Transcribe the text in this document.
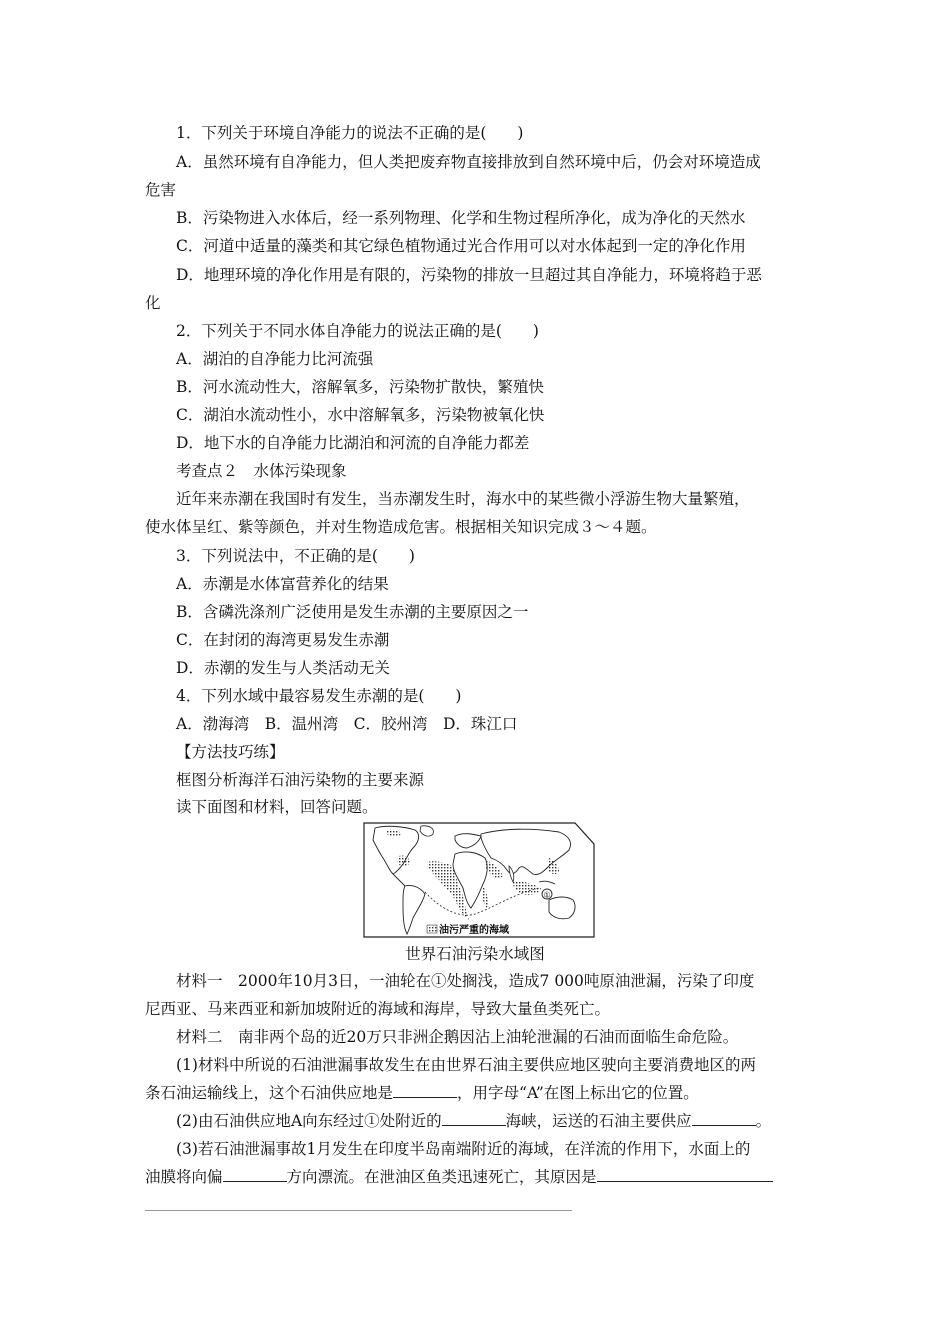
1．下列关于环境自净能力的说法不正确的是(　　)
A．虽然环境有自净能力，但人类把废弃物直接排放到自然环境中后，仍会对环境造成
危害
B．污染物进入水体后，经一系列物理、化学和生物过程所净化，成为净化的天然水
C．河道中适量的藻类和其它绿色植物通过光合作用可以对水体起到一定的净化作用
D．地理环境的净化作用是有限的，污染物的排放一旦超过其自净能力，环境将趋于恶
化
2．下列关于不同水体自净能力的说法正确的是(　　)
A．湖泊的自净能力比河流强
B．河水流动性大，溶解氧多，污染物扩散快，繁殖快
C．湖泊水流动性小，水中溶解氧多，污染物被氧化快
D．地下水的自净能力比湖泊和河流的自净能力都差
考查点２　水体污染现象
近年来赤潮在我国时有发生，当赤潮发生时，海水中的某些微小浮游生物大量繁殖，
使水体呈红、紫等颜色，并对生物造成危害。根据相关知识完成３～４题。
3．下列说法中，不正确的是(　　)
A．赤潮是水体富营养化的结果
B．含磷洗涤剂广泛使用是发生赤潮的主要原因之一
C．在封闭的海湾更易发生赤潮
D．赤潮的发生与人类活动无关
4．下列水域中最容易发生赤潮的是(　　)
A．渤海湾　B．温州湾　C．胶州湾　D．珠江口
【方法技巧练】
框图分析海洋石油污染物的主要来源
读下面图和材料，回答问题。
①
油污严重的海域
世界石油污染水域图
材料一　2000年10月3日，一油轮在①处搁浅，造成7 000吨原油泄漏，污染了印度
尼西亚、马来西亚和新加坡附近的海域和海岸，导致大量鱼类死亡。
材料二　南非两个岛的近20万只非洲企鹅因沾上油轮泄漏的石油而面临生命危险。
(1)材料中所说的石油泄漏事故发生在由世界石油主要供应地区驶向主要消费地区的两
条石油运输线上，这个石油供应地是	，用字母“A”在图上标出它的位置。
(2)由石油供应地A向东经过①处附近的	海峡，运送的石油主要供应	。
(3)若石油泄漏事故1月发生在印度半岛南端附近的海域，在洋流的作用下，水面上的
油膜将向偏	方向漂流。在泄油区鱼类迅速死亡，其原因是
